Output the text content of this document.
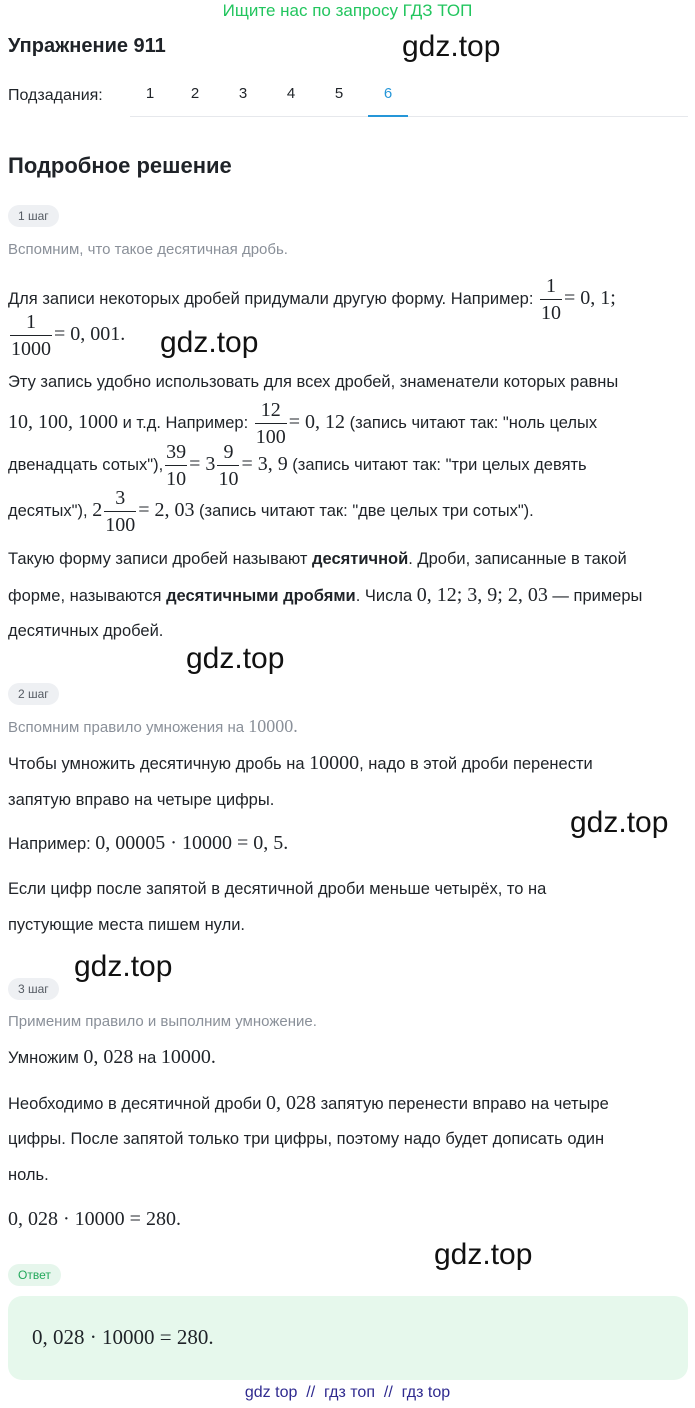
Ищите нас по запросу ГДЗ ТОП
Упражнение 911	gdz.top
Подзадания:	1	2	3	4	5	6
Подробное решение
1 шаг
Вспомним, что такое десятичная дробь.
Для записи некоторых дробей придумали другую форму. Например: $\frac{1}{10} = 0$, 1;
$\frac{1}{1000} = 0$, 001. gdz.top
Эту запись удобно использовать для всех дробей, знаменатели которых равны
10, 100, 1000 и т.д. Например: $\frac{12}{100} = 0$, 12 (запись читают так: "ноль целых
двенадцать сотых"), $\frac{39}{10} = 3 \frac{9}{10} = 3$, 9 (запись читают так: "три целых девять
десятых"), $2 \frac{3}{100} = 2$, 03 (запись читают так: "две целых три сотых").
Такую форму записи дробей называют десятичной. Дроби, записанные в такой
форме, называются десятичными дробями. Числа 0, 12; 3, 9; 2, 03 — примеры
десятичных дробей.
gdz.top
2 шаг
Вспомним правило умножения на 10000.
Чтобы умножить десятичную дробь на 10000, надо в этой дроби перенести
запятую вправо на четыре цифры.
Например: 0, 00005 · 10000 = 0, 5.
gdz.top
Если цифр после запятой в десятичной дроби меньше четырёх, то на
пустующие места пишем нули.
gdz.top
3 шаг
Применим правило и выполним умножение.
Умножим 0, 028 на 10000.
Необходимо в десятичной дроби 0, 028 запятую перенести вправо на четыре
цифры. После запятой только три цифры, поэтому надо будет дописать один
ноль.
0, 028 · 10000 = 280.
gdz.top
Ответ
0, 028 · 10000 = 280.
gdz top  //  гдз топ  //  гдз top
